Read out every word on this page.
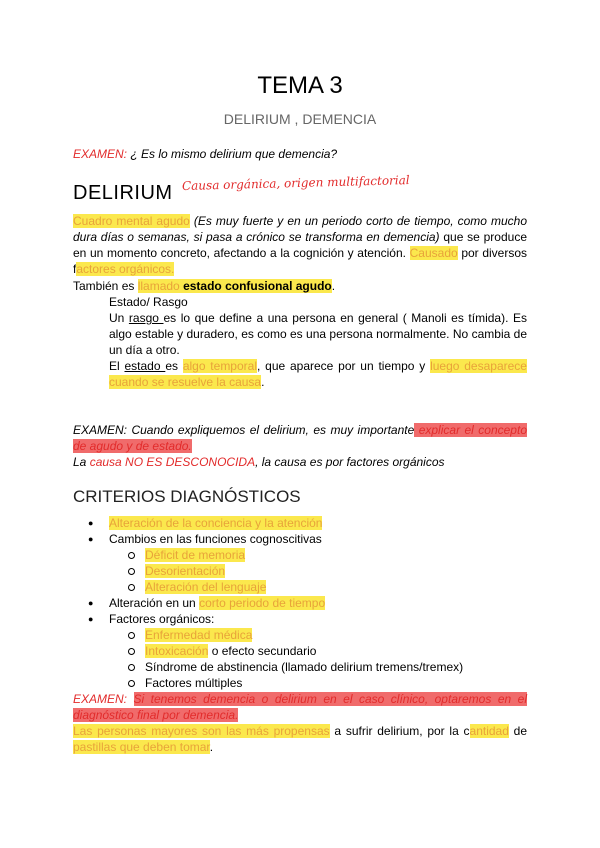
TEMA 3
DELIRIUM , DEMENCIA
EXAMEN: ¿ Es lo mismo delirium que demencia?
DELIRIUM Causa orgánica, origen multifactorial
Cuadro mental agudo (Es muy fuerte y en un periodo corto de tiempo, como mucho dura días o semanas, si pasa a crónico se transforma en demencia) que se produce en un momento concreto, afectando a la cognición y atención. Causado por diversos factores orgánicos.
También es llamado estado confusional agudo.
Estado/ Rasgo
Un rasgo es lo que define a una persona en general ( Manoli es tímida). Es algo estable y duradero, es como es una persona normalmente. No cambia de un día a otro.
El estado es algo temporal, que aparece por un tiempo y luego desaparece cuando se resuelve la causa.
EXAMEN: Cuando expliquemos el delirium, es muy importante explicar el concepto de agudo y de estado.
La causa NO ES DESCONOCIDA, la causa es por factores orgánicos
CRITERIOS DIAGNÓSTICOS
● Alteración de la conciencia y la atención
● Cambios en las funciones cognoscitivas
Déficit de memoria
Desorientación
Alteración del lenguaje
● Alteración en un corto periodo de tiempo
● Factores orgánicos:
Enfermedad médica
Intoxicación o efecto secundario
Síndrome de abstinencia (llamado delirium tremens/tremex)
Factores múltiples
EXAMEN: Si tenemos demencia o delirium en el caso clínico, optaremos en el diagnóstico final por demencia.
Las personas mayores son las más propensas a sufrir delirium, por la cantidad de pastillas que deben tomar.
